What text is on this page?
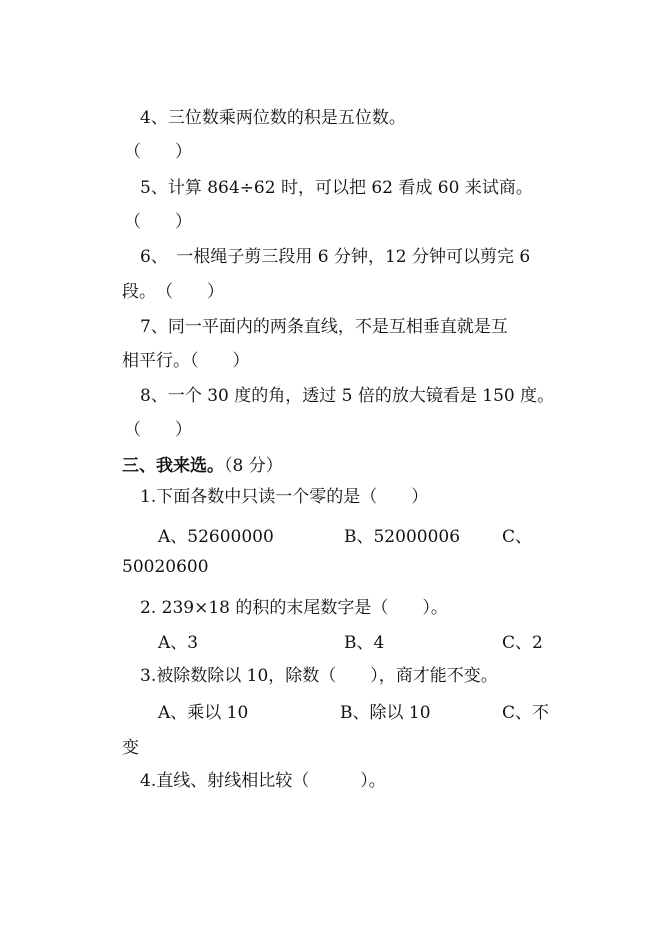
4、三位数乘两位数的积是五位数。
（　　）
5、计算 864÷62 时，可以把 62 看成 60 来试商。
（　　）
6、　一根绳子剪三段用 6 分钟，12 分钟可以剪完 6
段。　（　　）
7、同一平面内的两条直线，不是互相垂直就是互
相平行。（　　）
8、一个 30 度的角，透过 5 倍的放大镜看是 150 度。
（　　）
三、我来选。（8 分）
1.下面各数中只读一个零的是（　　）
A、52600000	B、52000006 C、
50020600
2. 239×18 的积的末尾数字是（　　）。
A、3	B、4	C、2
3.被除数除以 10，除数（　　），商才能不变。
A、乘以 10	B、除以 10	C、不
变
4.直线、射线相比较（　　　）。
